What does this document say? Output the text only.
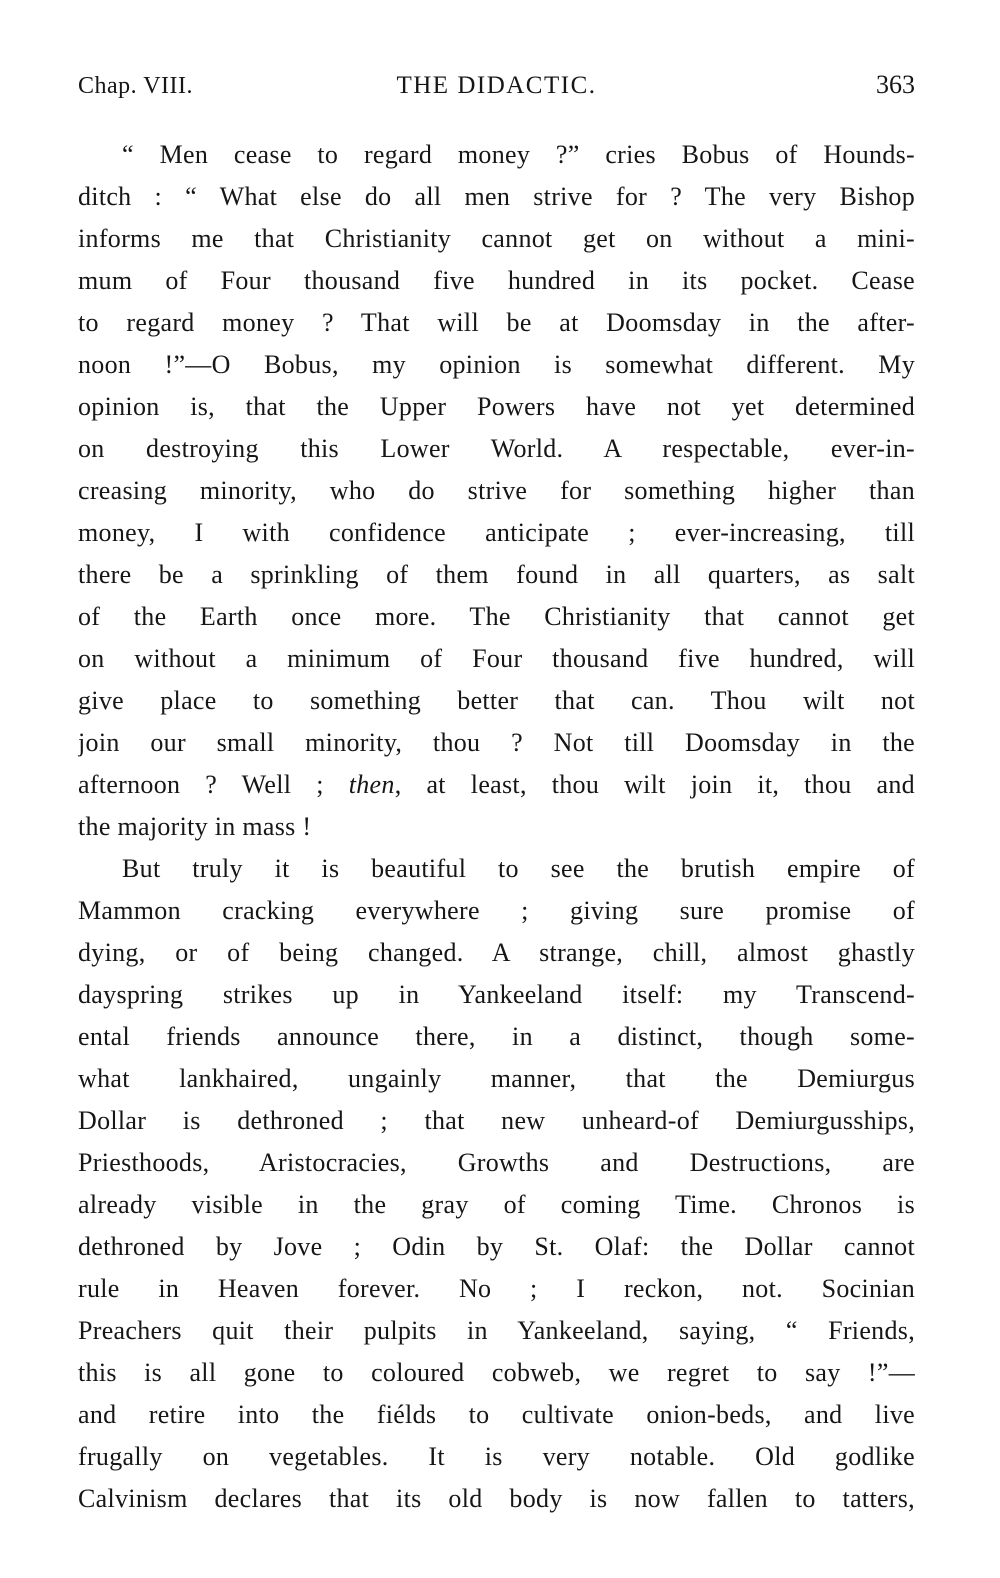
Chap. VIII.	THE DIDACTIC.	363
“ Men cease to regard money ?” cries Bobus of Hounds-
ditch : “ What else do all men strive for ? The very Bishop
informs me that Christianity cannot get on without a mini-
mum of Four thousand five hundred in its pocket. Cease
to regard money ? That will be at Doomsday in the after-
noon !”—O Bobus, my opinion is somewhat different. My
opinion is, that the Upper Powers have not yet determined
on destroying this Lower World. A respectable, ever-in-
creasing minority, who do strive for something higher than
money, I with confidence anticipate ; ever-increasing, till
there be a sprinkling of them found in all quarters, as salt
of the Earth once more. The Christianity that cannot get
on without a minimum of Four thousand five hundred, will
give place to something better that can. Thou wilt not
join our small minority, thou ? Not till Doomsday in the
afternoon ? Well ; then, at least, thou wilt join it, thou and
the majority in mass !
But truly it is beautiful to see the brutish empire of
Mammon cracking everywhere ; giving sure promise of
dying, or of being changed. A strange, chill, almost ghastly
dayspring strikes up in Yankeeland itself: my Transcend-
ental friends announce there, in a distinct, though some-
what lankhaired, ungainly manner, that the Demiurgus
Dollar is dethroned ; that new unheard-of Demiurgusships,
Priesthoods, Aristocracies, Growths and Destructions, are
already visible in the gray of coming Time. Chronos is
dethroned by Jove ; Odin by St. Olaf: the Dollar cannot
rule in Heaven forever. No ; I reckon, not. Socinian
Preachers quit their pulpits in Yankeeland, saying, “ Friends,
this is all gone to coloured cobweb, we regret to say !”—
and retire into the fiélds to cultivate onion-beds, and live
frugally on vegetables. It is very notable. Old godlike
Calvinism declares that its old body is now fallen to tatters,
